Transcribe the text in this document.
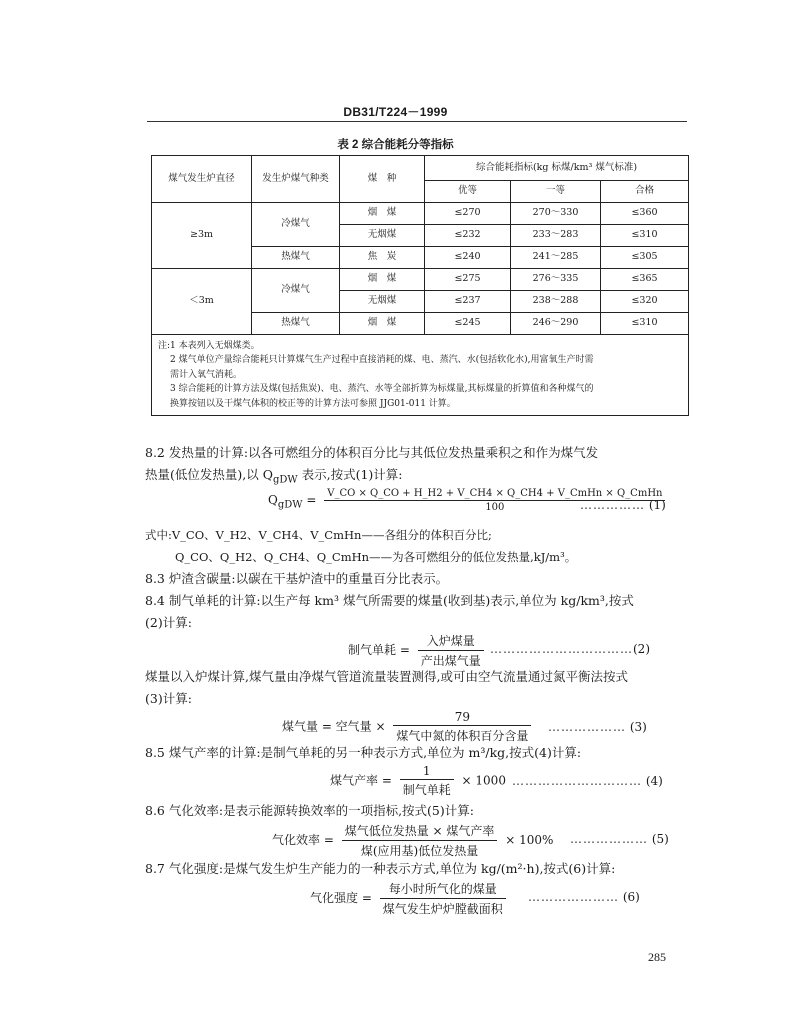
DB31/T224－1999
表 2 综合能耗分等指标
煤气发生炉直径	发生炉煤气种类	煤　种	综合能耗指标(kg 标煤/km³ 煤气标准)		
			优等	一等	合格
≥3m	冷煤气	烟　煤	≤270	270～330	≤360
		无烟煤	≤232	233～283	≤310
	热煤气	焦　炭	≤240	241～285	≤305
＜3m	冷煤气	烟　煤	≤275	276～335	≤365
		无烟煤	≤237	238～288	≤320
	热煤气	烟　煤	≤245	246～290	≤310

注:1 本表列入无烟煤类。
2 煤气单位产量综合能耗只计算煤气生产过程中直接消耗的煤、电、蒸汽、水(包括软化水),用富氧生产时需
需计入氧气消耗。
3 综合能耗的计算方法及煤(包括焦炭)、电、蒸汽、水等全部折算为标煤量,其标煤量的折算值和各种煤气的
换算按钮以及干煤气体积的校正等的计算方法可参照 JJG01-011 计算。					
8.2 发热量的计算:以各可燃组分的体积百分比与其低位发热量乘积之和作为煤气发
热量(低位发热量),以 $Q_{gDW}$ 表示,按式(1)计算:
$Q_{gDW} = \frac{\text{V\_CO × Q\_CO + H\_H2 + V\_CH4 × Q\_CH4 + V\_CmHn × Q\_CmHn}}{100}$
…………… (1)
式中:V_CO、V_H2、V_CH4、V_CmHn——各组分的体积百分比;
Q_CO、Q_H2、Q_CH4、Q_CmHn——为各可燃组分的低位发热量,kJ/m³。
8.3 炉渣含碳量:以碳在干基炉渣中的重量百分比表示。
8.4 制气单耗的计算:以生产每 km³ 煤气所需要的煤量(收到基)表示,单位为 kg/km³,按式
(2)计算:
制气单耗 = $\frac{\text{入炉煤量}}{\text{产出煤气量}}$ ……………………………(2)
煤量以入炉煤计算,煤气量由净煤气管道流量装置测得,或可由空气流量通过氮平衡法按式
(3)计算:
煤气量 = 空气量 × $\frac{79}{\text{煤气中氮的体积百分含量}}$ ……………… (3)
8.5 煤气产率的计算:是制气单耗的另一种表示方式,单位为 m³/kg,按式(4)计算:
煤气产率 = $\frac{1}{\text{制气单耗}} \times 1000$ ………………………… (4)
8.6 气化效率:是表示能源转换效率的一项指标,按式(5)计算:
气化效率 = $\frac{\text{煤气低位发热量 × 煤气产率}}{\text{煤(应用基)低位发热量}} \times 100\%$ ……………… (5)
8.7 气化强度:是煤气发生炉生产能力的一种表示方式,单位为 kg/(m²·h),按式(6)计算:
气化强度 = $\frac{\text{每小时所气化的煤量}}{\text{煤气发生炉炉膛截面积}}$ ………………… (6)
285
